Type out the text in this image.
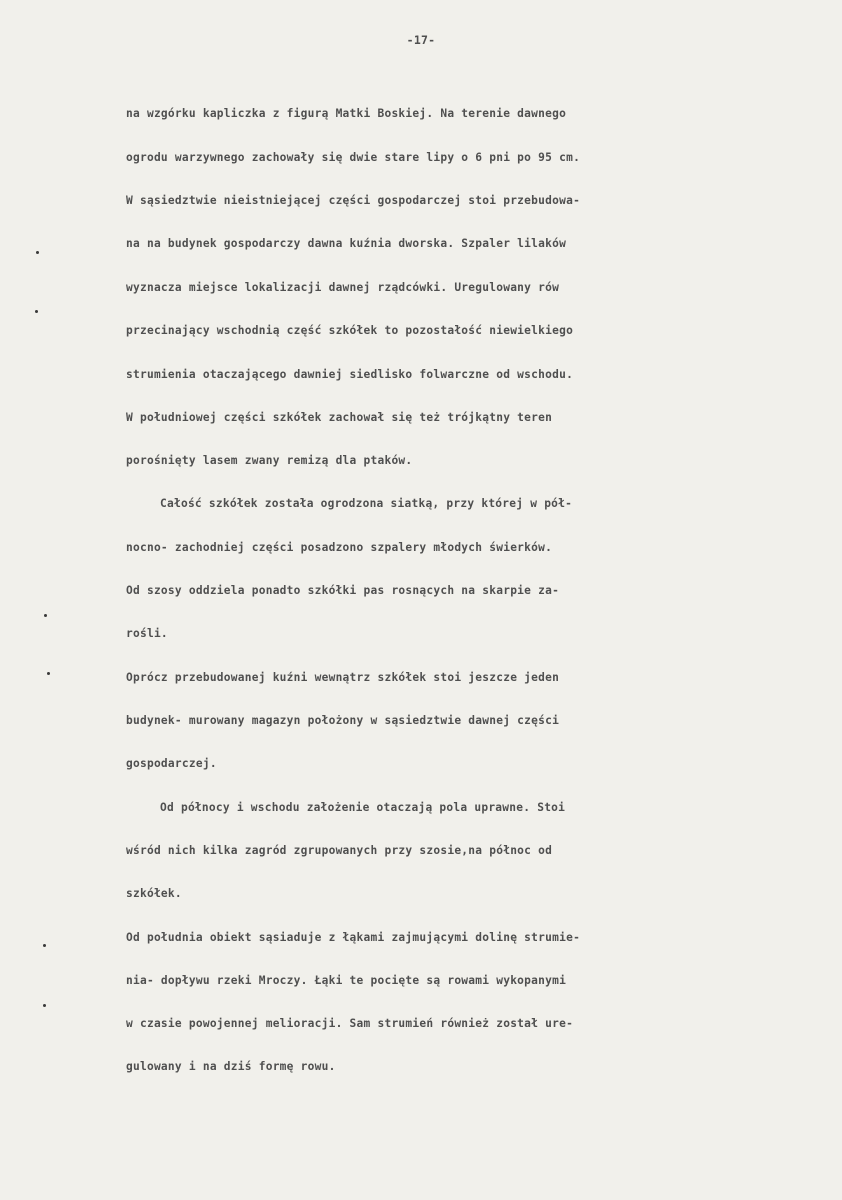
-17-
na wzgórku kapliczka z figurą Matki Boskiej. Na terenie dawnego
ogrodu warzywnego zachowały się dwie stare lipy o 6 pni po 95 cm.
W sąsiedztwie nieistniejącej części gospodarczej stoi przebudowa-
na na budynek gospodarczy dawna kuźnia dworska. Szpaler lilaków
wyznacza miejsce lokalizacji dawnej rządcówki. Uregulowany rów
przecinający wschodnią część szkółek to pozostałość niewielkiego
strumienia otaczającego dawniej siedlisko folwarczne od wschodu.
W południowej części szkółek zachował się też trójkątny teren
porośnięty lasem zwany remizą dla ptaków.
Całość szkółek została ogrodzona siatką, przy której w pół-
nocno- zachodniej części posadzono szpalery młodych świerków.
Od szosy oddziela ponadto szkółki pas rosnących na skarpie za-
rośli.
Oprócz przebudowanej kuźni wewnątrz szkółek stoi jeszcze jeden
budynek- murowany magazyn położony w sąsiedztwie dawnej części
gospodarczej.
Od północy i wschodu założenie otaczają pola uprawne. Stoi
wśród nich kilka zagród zgrupowanych przy szosie,na północ od
szkółek.
Od południa obiekt sąsiaduje z łąkami zajmującymi dolinę strumie-
nia- dopływu rzeki Mroczy. Łąki te pocięte są rowami wykopanymi
w czasie powojennej melioracji. Sam strumień również został ure-
gulowany i na dziś formę rowu.
